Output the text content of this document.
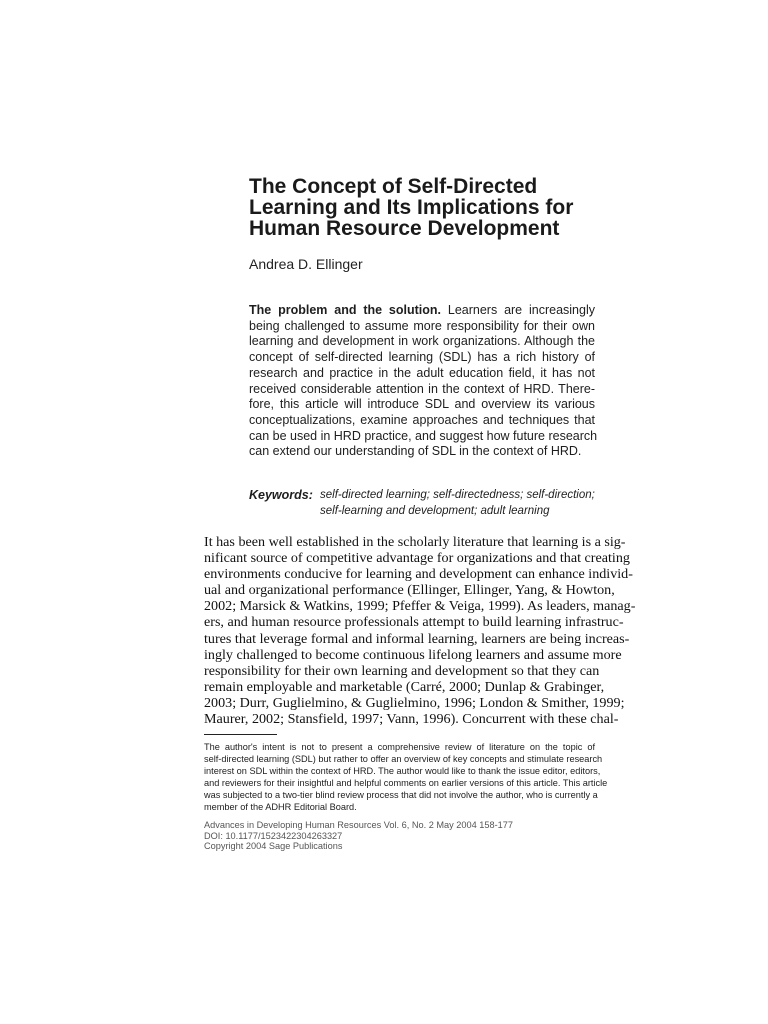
The Concept of Self-Directed
Learning and Its Implications for
Human Resource Development
Andrea D. Ellinger
The problem and the solution. Learners are increasingly
being challenged to assume more responsibility for their own
learning and development in work organizations. Although the
concept of self-directed learning (SDL) has a rich history of
research and practice in the adult education field, it has not
received considerable attention in the context of HRD. There-
fore, this article will introduce SDL and overview its various
conceptualizations, examine approaches and techniques that
can be used in HRD practice, and suggest how future research
can extend our understanding of SDL in the context of HRD.
Keywords: self-directed learning; self-directedness; self-direction;
self-learning and development; adult learning
It has been well established in the scholarly literature that learning is a sig-
nificant source of competitive advantage for organizations and that creating
environments conducive for learning and development can enhance individ-
ual and organizational performance (Ellinger, Ellinger, Yang, & Howton,
2002; Marsick & Watkins, 1999; Pfeffer & Veiga, 1999). As leaders, manag-
ers, and human resource professionals attempt to build learning infrastruc-
tures that leverage formal and informal learning, learners are being increas-
ingly challenged to become continuous lifelong learners and assume more
responsibility for their own learning and development so that they can
remain employable and marketable (Carré, 2000; Dunlap & Grabinger,
2003; Durr, Guglielmino, & Guglielmino, 1996; London & Smither, 1999;
Maurer, 2002; Stansfield, 1997; Vann, 1996). Concurrent with these chal-
The author's intent is not to present a comprehensive review of literature on the topic of
self-directed learning (SDL) but rather to offer an overview of key concepts and stimulate research
interest on SDL within the context of HRD. The author would like to thank the issue editor, editors,
and reviewers for their insightful and helpful comments on earlier versions of this article. This article
was subjected to a two-tier blind review process that did not involve the author, who is currently a
member of the ADHR Editorial Board.
Advances in Developing Human Resources Vol. 6, No. 2 May 2004 158-177
DOI: 10.1177/1523422304263327
Copyright 2004 Sage Publications
